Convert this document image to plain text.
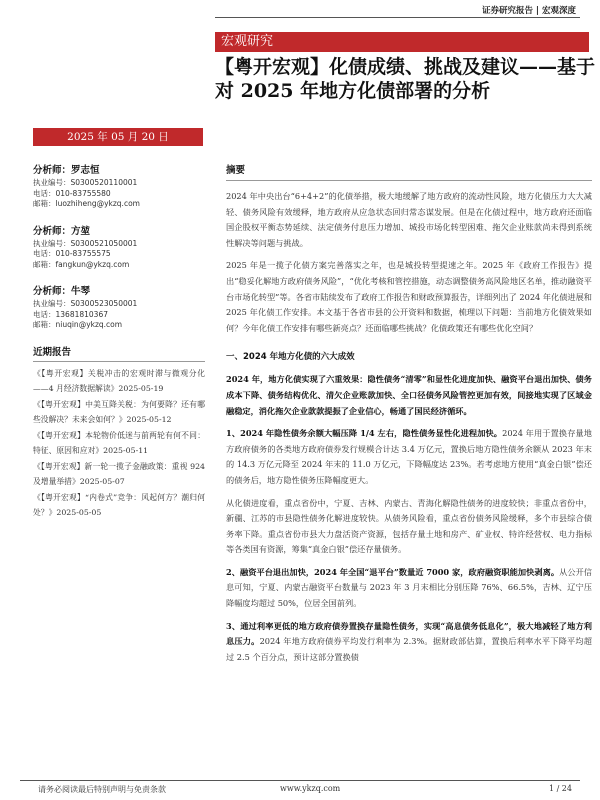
证券研究报告 | 宏观深度
宏观研究
【粤开宏观】化债成绩、挑战及建议——基于对 2025 年地方化债部署的分析
2025 年 05 月 20 日
分析师：罗志恒
执业编号：S0300520110001
电话：010-83755580
邮箱：luozhiheng@ykzq.com
分析师：方堃
执业编号：S0300521050001
电话：010-83755575
邮箱：fangkun@ykzq.com
分析师：牛琴
执业编号：S0300523050001
电话：13681810367
邮箱：niuqin@ykzq.com
近期报告
《【粤开宏观】关税冲击的宏观时滞与微观分化——4 月经济数据解读》2025-05-19
《【粤开宏观】中美互降关税：为何要降？还有哪些没解决？未来会如何？》2025-05-12
《【粤开宏观】本轮物价低迷与前两轮有何不同：特征、原因和应对》2025-05-11
《【粤开宏观】新一轮一揽子金融政策：重视 924 及增量举措》2025-05-07
《【粤开宏观】“内卷式”竞争：风起何方？潮归何处？》2025-05-05
摘要

2024 年中央出台“6+4+2”的化债举措，极大地缓解了地方政府的流动性风险，地方化债压力大大减轻、债务风险有效缓释，地方政府从应急状态回归常态谋发展。但是在化债过程中，地方政府还面临国企股权平衡态势延续、法定债务付息压力增加、城投市场化转型困难、拖欠企业账款尚未得到系统性解决等问题与挑战。

2025 年是一揽子化债方案完善落实之年，也是城投转型提速之年。2025 年《政府工作报告》提出“稳妥化解地方政府债务风险”，“优化考核和管控措施，动态调整债务高风险地区名单，推动融资平台市场化转型”等。各省市陆续发布了政府工作报告和财政预算报告，详细列出了 2024 年化债进展和 2025 年化债工作安排。本文基于各省市县的公开资料和数据，梳理以下问题：当前地方化债效果如何？今年化债工作安排有哪些新亮点？还面临哪些挑战？化债政策还有哪些优化空间？

一、2024 年地方化债的六大成效

2024 年，地方化债实现了六重效果：隐性债务“清零”和显性化进度加快、融资平台退出加快、债务成本下降、债务结构优化、清欠企业账款加快、全口径债务风险管控更加有效，间接地实现了区域金融稳定，消化拖欠企业款款提振了企业信心，畅通了国民经济循环。

1、2024 年隐性债务余额大幅压降 1/4 左右，隐性债务显性化进程加快。2024 年用于置换存量地方政府债务的各类地方政府债券发行规模合计达 3.4 万亿元，置换后地方隐性债务余额从 2023 年末的 14.3 万亿元降至 2024 年末的 11.0 万亿元，下降幅度达 23%。若考虑地方使用“真金白银”偿还的债务后，地方隐性债务压降幅度更大。

从化债进度看，重点省份中，宁夏、吉林、内蒙古、青海化解隐性债务的进度较快；非重点省份中，新疆、江苏的市县隐性债务化解进度较快。从债务风险看，重点省份债务风险缓释，多个市县综合债务率下降。重点省份市县大力盘活资产资源，包括存量土地和房产、矿业权、特许经营权、电力指标等各类国有资源，筹集“真金白银”偿还存量债务。

2、融资平台退出加快，2024 年全国“退平台”数量近 7000 家，政府融资职能加快剥离。从公开信息可知，宁夏、内蒙古融资平台数量与 2023 年 3 月末相比分别压降 76%、66.5%，吉林、辽宁压降幅度均超过 50%，位居全国前列。

3、通过利率更低的地方政府债券置换存量隐性债务，实现“高息债务低息化”，极大地减轻了地方利息压力。2024 年地方政府债券平均发行利率为 2.3%。据财政部估算，置换后利率水平下降平均超过 2.5 个百分点，预计这部分置换债

请务必阅读最后特别声明与免责条款	www.ykzq.com	1 / 24
